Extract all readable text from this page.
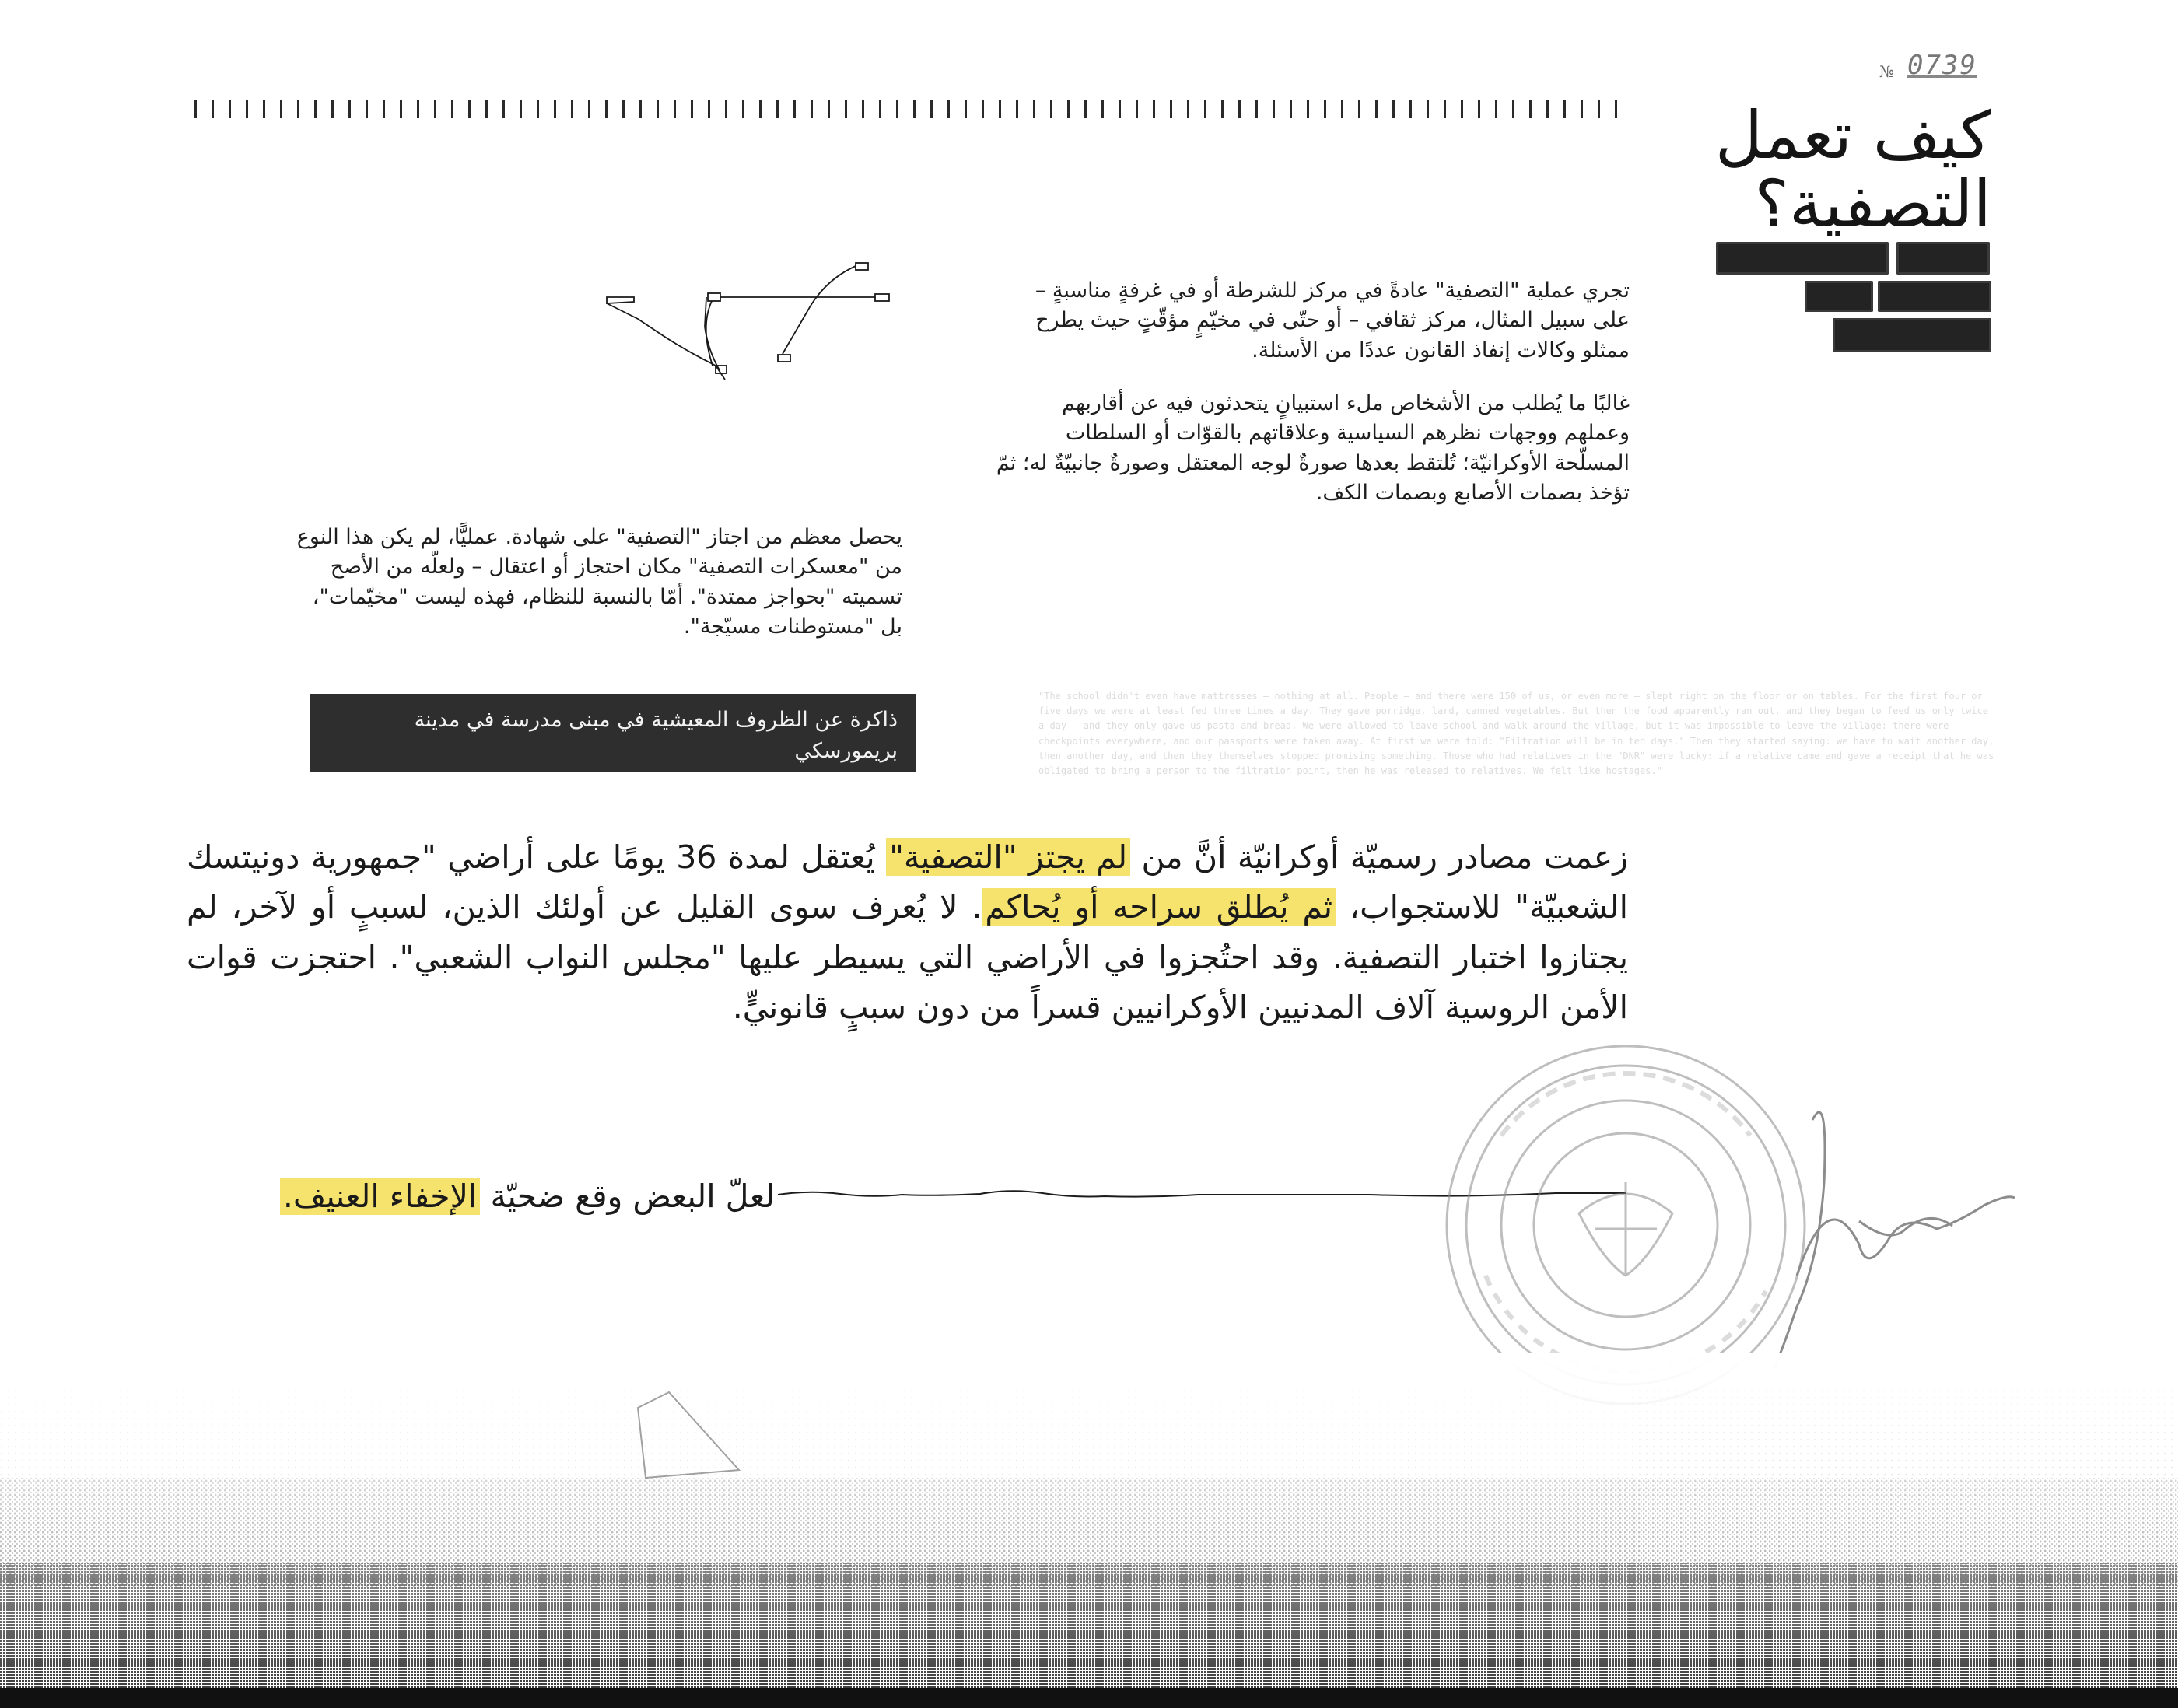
№ 0739
كيف تعمل التصفية؟

تجري عملية "التصفية" عادةً في مركز للشرطة أو في غرفةٍ مناسبةٍ – على سبيل المثال، مركز ثقافي – أو حتّى في مخيّمٍ مؤقّتٍ حيث يطرح ممثلو وكالات إنفاذ القانون عددًا من الأسئلة.

غالبًا ما يُطلب من الأشخاص ملء استبيانٍ يتحدثون فيه عن أقاربهم وعملهم ووجهات نظرهم السياسية وعلاقاتهم بالقوّات أو السلطات المسلّحة الأوكرانيّة؛ تُلتقط بعدها صورةٌ لوجه المعتقل وصورةٌ جانبيّةٌ له؛ ثمّ تؤخذ بصمات الأصابع وبصمات الكف.

يحصل معظم من اجتاز "التصفية" على شهادة. عمليًّا، لم يكن هذا النوع من "معسكرات التصفية" مكان احتجاز أو اعتقال – ولعلّه من الأصح تسميته "بحواجز ممتدة". أمّا بالنسبة للنظام، فهذه ليست "مخيّمات"، بل "مستوطنات مسيّجة".

ذاكرة عن الظروف المعيشية في مبنى مدرسة في مدينة بريمورسكي
"The school didn't even have mattresses — nothing at all. People — and there were 150 of us, or even more — slept right on the floor or on tables. For the first four or five days we were at least fed three times a day. They gave porridge, lard, canned vegetables. But then the food apparently ran out, and they began to feed us only twice a day — and they only gave us pasta and bread. We were allowed to leave school and walk around the village, but it was impossible to leave the village: there were checkpoints everywhere, and our passports were taken away. At first we were told: "Filtration will be in ten days." Then they started saying: we have to wait another day, then another day, and then they themselves stopped promising something. Those who had relatives in the "DNR" were lucky: if a relative came and gave a receipt that he was obligated to bring a person to the filtration point, then he was released to relatives. We felt like hostages."

زعمت مصادر رسميّة أوكرانيّة أنَّ من لم يجتز "التصفية" يُعتقل لمدة 36 يومًا على أراضي "جمهورية دونيتسك الشعبيّة" للاستجواب، ثم يُطلق سراحه أو يُحاكم. لا يُعرف سوى القليل عن أولئك الذين، لسببٍ أو لآخر، لم يجتازوا اختبار التصفية. وقد احتُجزوا في الأراضي التي يسيطر عليها "مجلس النواب الشعبي". احتجزت قوات الأمن الروسية آلاف المدنيين الأوكرانيين قسراً من دون سببٍ قانونيٍّ.

لعلّ البعض وقع ضحيّة الإخفاء العنيف.
